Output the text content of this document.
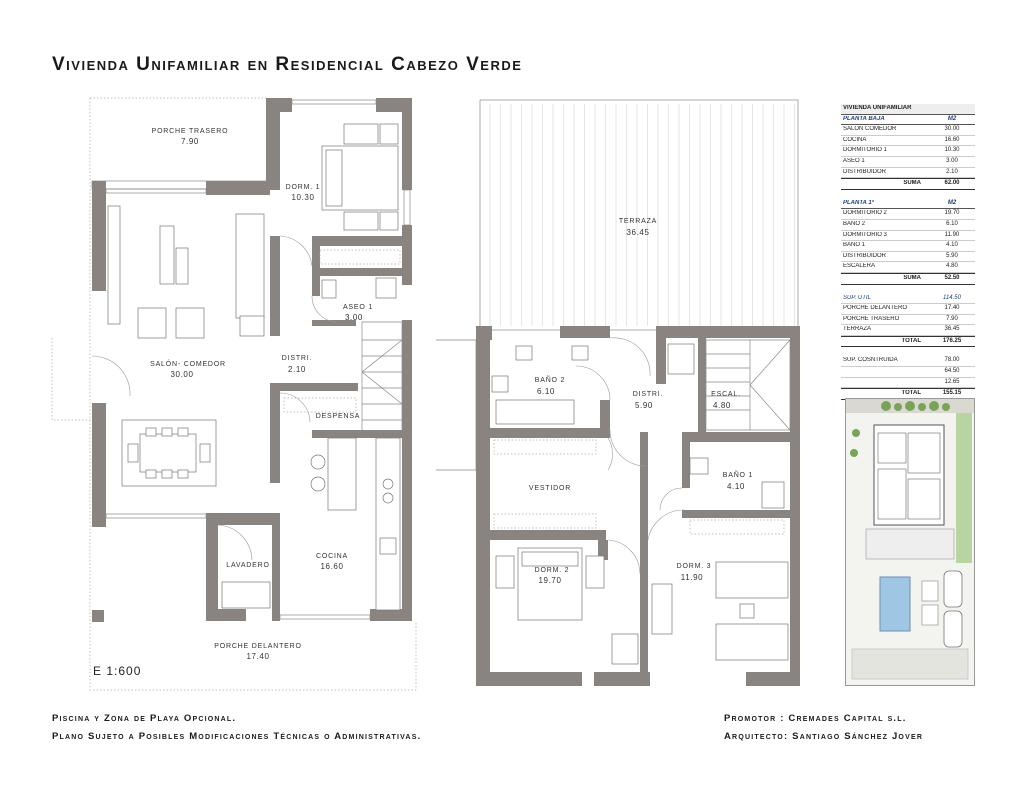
Vivienda Unifamiliar en Residencial Cabezo Verde
PORCHE TRASERO
7.90
DORM. 1
10.30
ASEO 1
3.00
SALÓN- COMEDOR
30.00
DISTRI.
2.10
DESPENSA
LAVADERO
COCINA
16.60
PORCHE DELANTERO
17.40
TERRAZA
36.45
BAÑO 2
6.10	DISTRI.
5.90
ESCAL.
4.80
BAÑO 1
4.10
VESTIDOR
DORM. 2
19.70
DORM. 3
11.90
E 1:600
VIVIENDA UNIFAMILIAR
PLANTA BAJA	M2
SALÓN COMEDOR	30.00
COCINA	16.60
DORMITORIO 1	10.30
ASEO 1	3.00
DISTRIBUIDOR	2.10
SUMA	62.00
PLANTA 1ª	M2
DORMITORIO 2	19.70
BAÑO 2	6.10
DORMITORIO 3	11.90
BAÑO 1	4.10
DISTRIBUIDOR	5.90
ESCALERA	4.80
SUMA	52.50
SUP. ÚTIL	114.50
PORCHE DELANTERO	17.40
PORCHE TRASERO	7.90
TERRAZA	36.45
TOTAL	176.25
SUP. COSNTRUIDA	78.00
64.50
12.65
TOTAL	155.15
Piscina y Zona de Playa Opcional.
Plano Sujeto a Posibles Modificaciones Técnicas o Administrativas.
Promotor : Cremades Capital s.l.
Arquitecto: Santiago Sánchez Jover
